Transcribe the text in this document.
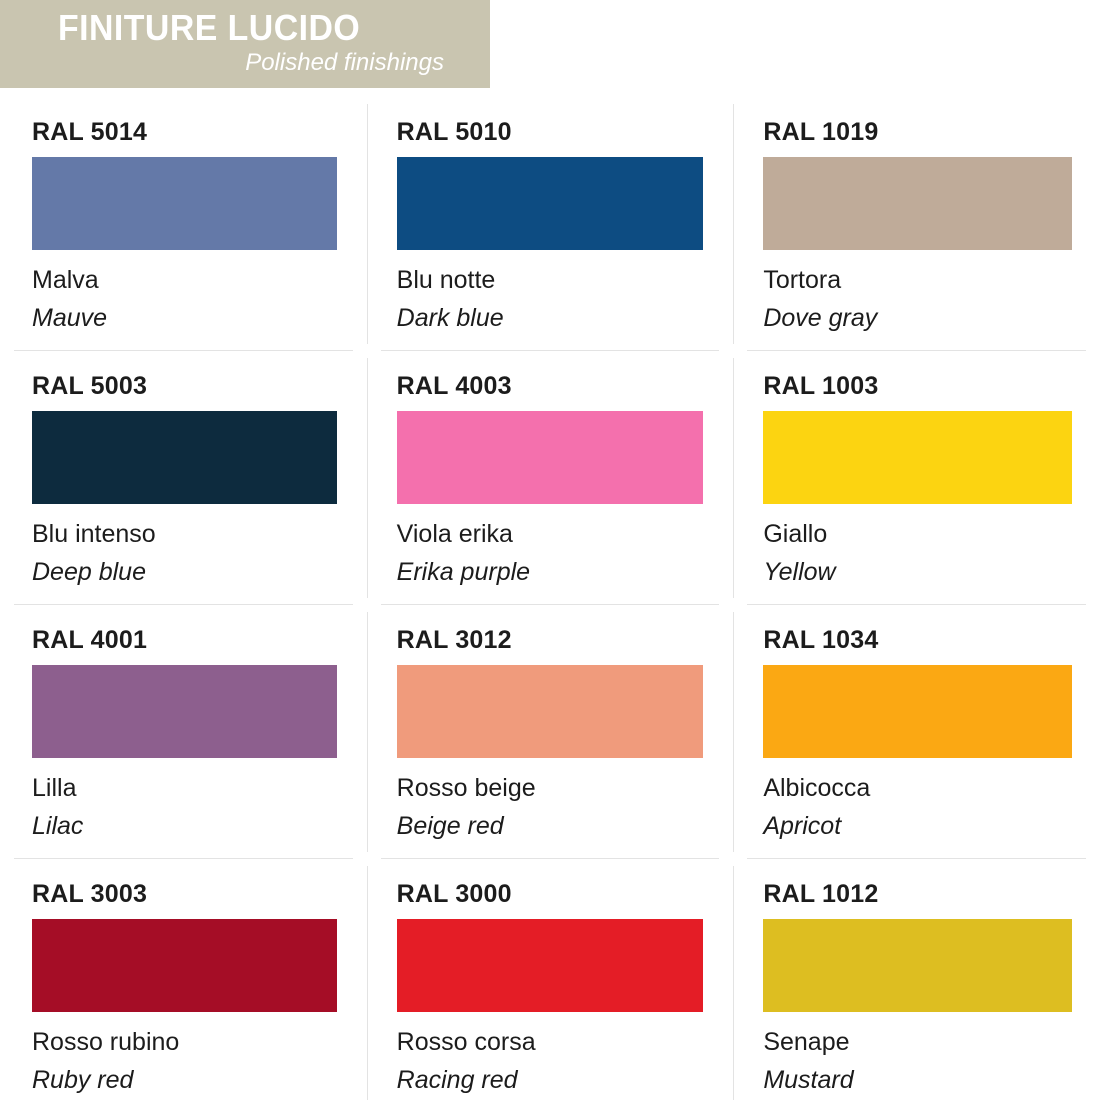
FINITURE LUCIDO
Polished finishings
RAL 5014
Malva
Mauve
RAL 5010
Blu notte
Dark blue
RAL 1019
Tortora
Dove gray
RAL 5003
Blu intenso
Deep blue
RAL 4003
Viola erika
Erika purple
RAL 1003
Giallo
Yellow
RAL 4001
Lilla
Lilac
RAL 3012
Rosso beige
Beige red
RAL 1034
Albicocca
Apricot
RAL 3003
Rosso rubino
Ruby red
RAL 3000
Rosso corsa
Racing red
RAL 1012
Senape
Mustard
